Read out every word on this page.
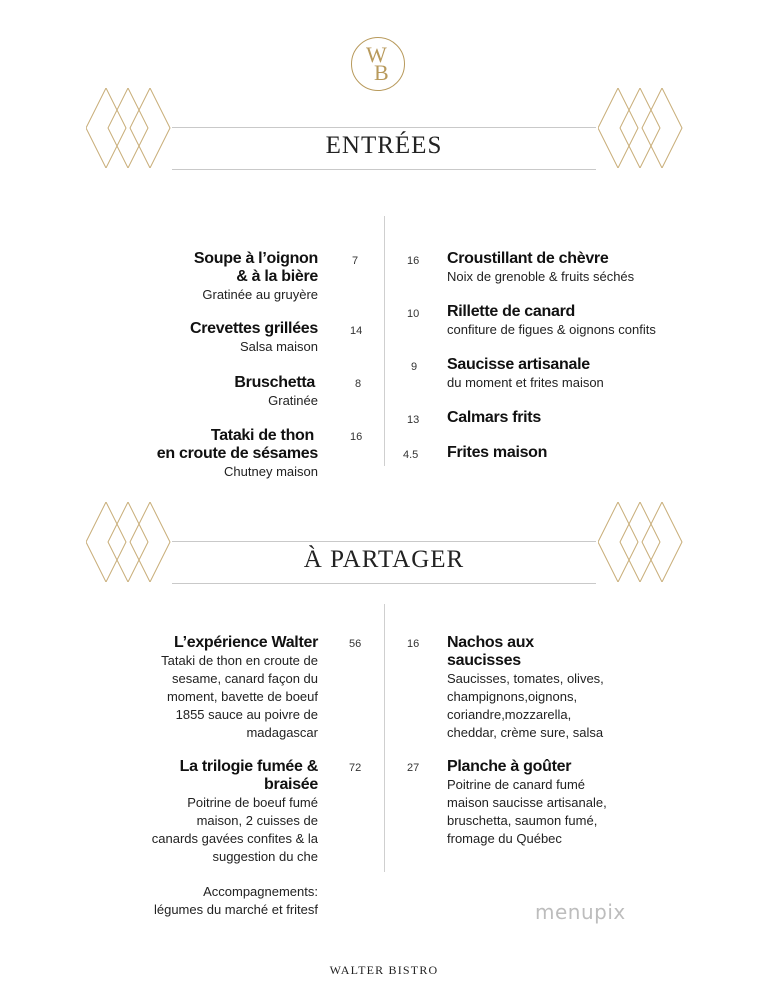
W
B
ENTRÉES
Soupe à l’oignon
& à la bière
Gratinée au gruyère
7
Crevettes grillées
Salsa maison
14
Bruschetta
Gratinée
8
Tataki de thon
en croute de sésames
Chutney maison
16
16 Croustillant de chèvre
Noix de grenoble & fruits séchés
10 Rillette de canard
confiture de figues & oignons confits
9 Saucisse artisanale
du moment et frites maison
13 Calmars frits
4.5 Frites maison
À PARTAGER
L’expérience Walter
Tataki de thon en croute de
sesame, canard façon du
moment, bavette de boeuf
1855 sauce au poivre de
madagascar
56
La trilogie fumée &
braisée
Poitrine de boeuf fumé
maison, 2 cuisses de
canards gavées confites & la
suggestion du che
72
Accompagnements:
légumes du marché et fritesf
16 Nachos aux
saucisses
Saucisses, tomates, olives,
champignons,oignons,
coriandre,mozzarella,
cheddar, crème sure, salsa
27 Planche à goûter
Poitrine de canard fumé
maison saucisse artisanale,
bruschetta, saumon fumé,
fromage du Québec
menupix
WALTER BISTRO
